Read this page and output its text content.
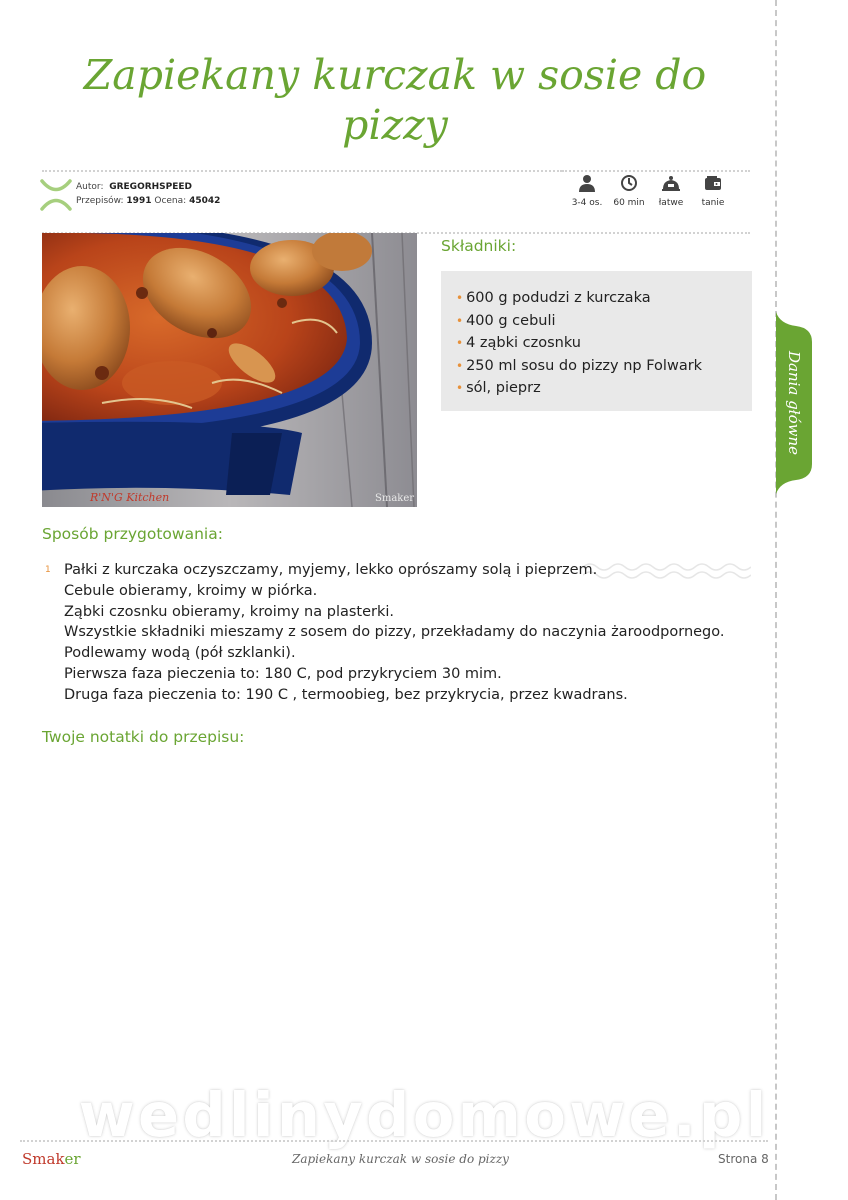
Zapiekany kurczak w sosie do pizzy
Autor: GREGORHSPEED
Przepisów: 1991 Ocena: 45042	3-4 os.	60 min	łatwe	tanie
R'N'G Kitchen	Smaker
Składniki:
• 600 g podudzi z kurczaka
• 400 g cebuli
• 4 ząbki czosnku
• 250 ml sosu do pizzy np Folwark
• sól, pieprz	Dania główne
Sposób przygotowania:
1 Pałki z kurczaka oczyszczamy, myjemy, lekko oprószamy solą i pieprzem.
Cebule obieramy, kroimy w piórka.
Ząbki czosnku obieramy, kroimy na plasterki.
Wszystkie składniki mieszamy z sosem do pizzy, przekładamy do naczynia żaroodpornego.
Podlewamy wodą (pół szklanki).
Pierwsza faza pieczenia to: 180 C, pod przykryciem 30 mim.
Druga faza pieczenia to: 190 C , termoobieg, bez przykrycia, przez kwadrans.
Twoje notatki do przepisu:
wedlinydomowe.pl
Smaker	Zapiekany kurczak w sosie do pizzy	Strona 8
